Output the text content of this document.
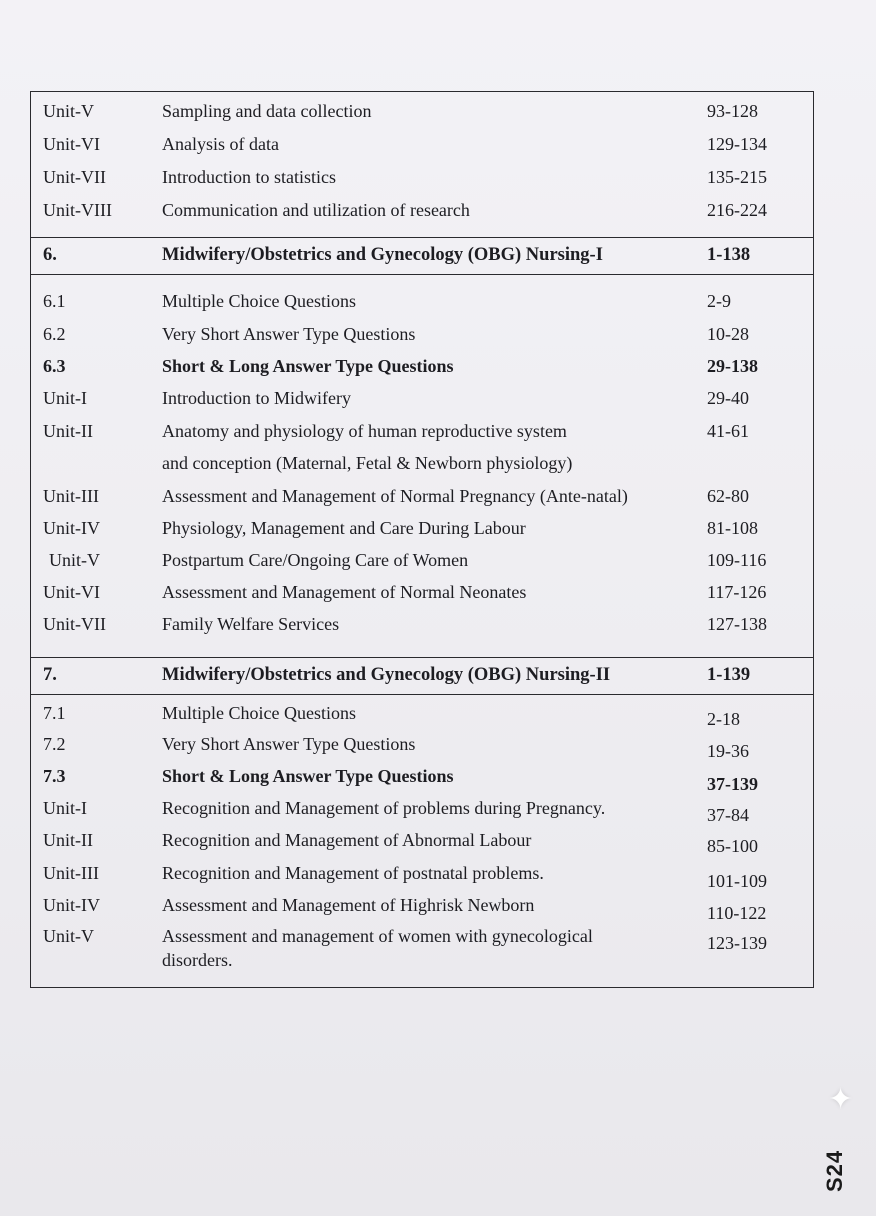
Unit-V	Sampling and data collection	93-128
Unit-VI	Analysis of data	129-134
Unit-VII	Introduction to statistics	135-215
Unit-VIII	Communication and utilization of research	216-224
6.	Midwifery/Obstetrics and Gynecology (OBG) Nursing-I	1-138
6.1	Multiple Choice Questions	2-9
6.2	Very Short Answer Type Questions	10-28
6.3	Short & Long Answer Type Questions	29-138
Unit-I	Introduction to Midwifery	29-40
Unit-II	Anatomy and physiology of human reproductive system	41-61
and conception (Maternal, Fetal & Newborn physiology)
Unit-III	Assessment and Management of Normal Pregnancy (Ante-natal)	62-80
Unit-IV	Physiology, Management and Care During Labour	81-108
Unit-V	Postpartum Care/Ongoing Care of Women	109-116
Unit-VI	Assessment and Management of Normal Neonates	117-126
Unit-VII	Family Welfare Services	127-138
7.	Midwifery/Obstetrics and Gynecology (OBG) Nursing-II	1-139
7.1	Multiple Choice Questions	2-18
7.2	Very Short Answer Type Questions	19-36
7.3	Short & Long Answer Type Questions	37-139
Unit-I	Recognition and Management of problems during Pregnancy.	37-84
Unit-II	Recognition and Management of Abnormal Labour	85-100
Unit-III	Recognition and Management of postnatal problems.	101-109
Unit-IV	Assessment and Management of Highrisk Newborn	110-122
Unit-V	Assessment and management of women with gynecological	123-139
disorders.
✦
S24
